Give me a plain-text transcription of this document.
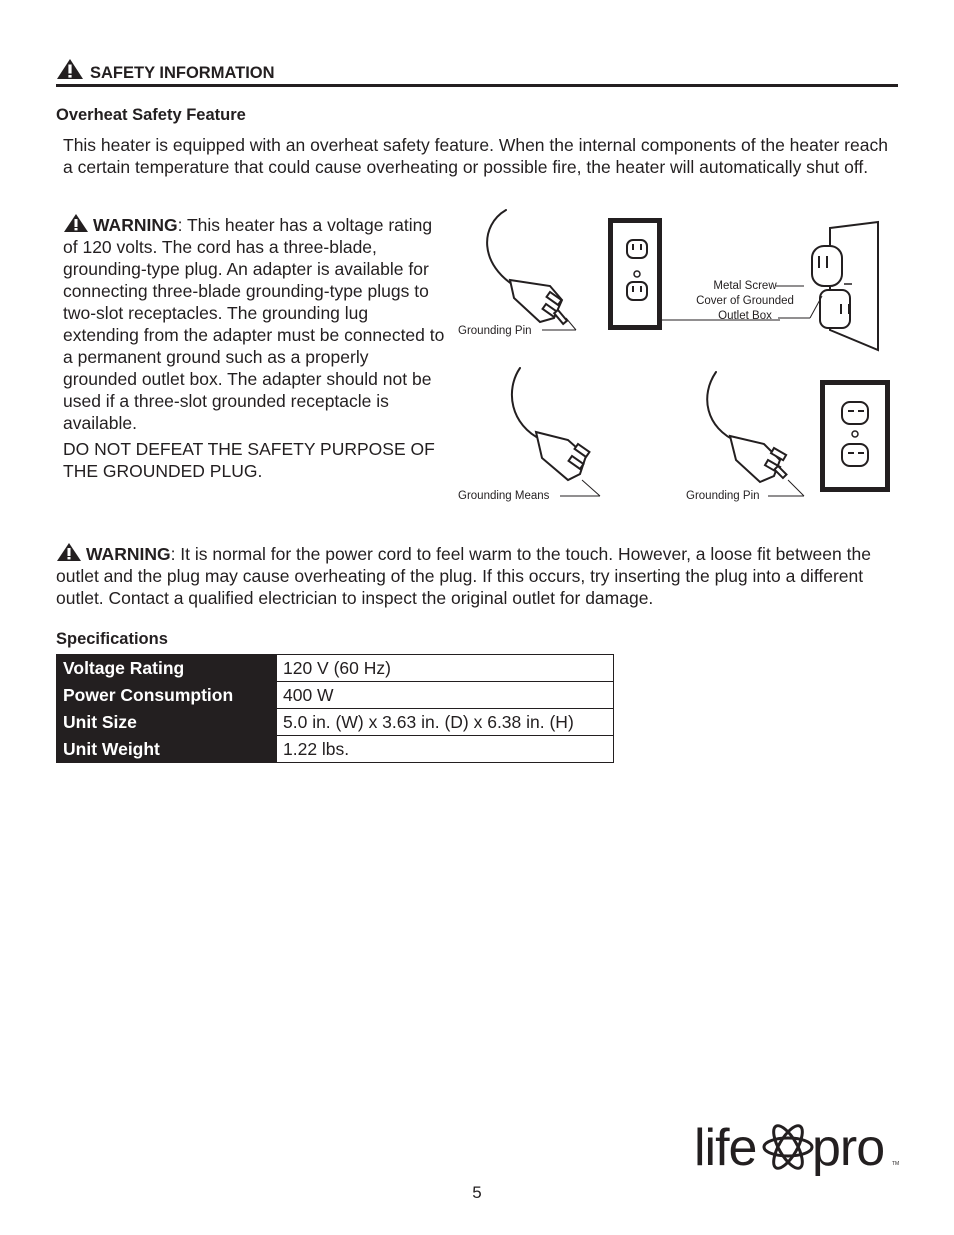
SAFETY INFORMATION
Overheat Safety Feature
This heater is equipped with an overheat safety feature. When the internal components of the heater reach a certain temperature that could cause overheating or possible fire, the heater will automatically shut off.
WARNING: This heater has a voltage rating of 120 volts. The cord has a three-blade, grounding-type plug. An adapter is available for connecting three-blade grounding-type plugs to two-slot receptacles. The grounding lug extending from the adapter must be connected to a permanent ground such as a properly grounded outlet box. The adapter should not be used if a three-slot grounded receptacle is available.
DO NOT DEFEAT THE SAFETY PURPOSE OF THE GROUNDED PLUG.
Grounding Pin
Metal Screw
Cover of Grounded
Outlet Box
Grounding Means	Grounding Pin
WARNING: It is normal for the power cord to feel warm to the touch. However, a loose fit between the outlet and the plug may cause overheating of the plug. If this occurs, try inserting the plug into a different outlet. Contact a qualified electrician to inspect the original outlet for damage.
Specifications
Voltage Rating	120 V (60 Hz)
Power Consumption	400 W
Unit Size	5.0 in. (W) x 3.63 in. (D) x 6.38 in. (H)
Unit Weight	1.22 lbs.
life pro TM
5
